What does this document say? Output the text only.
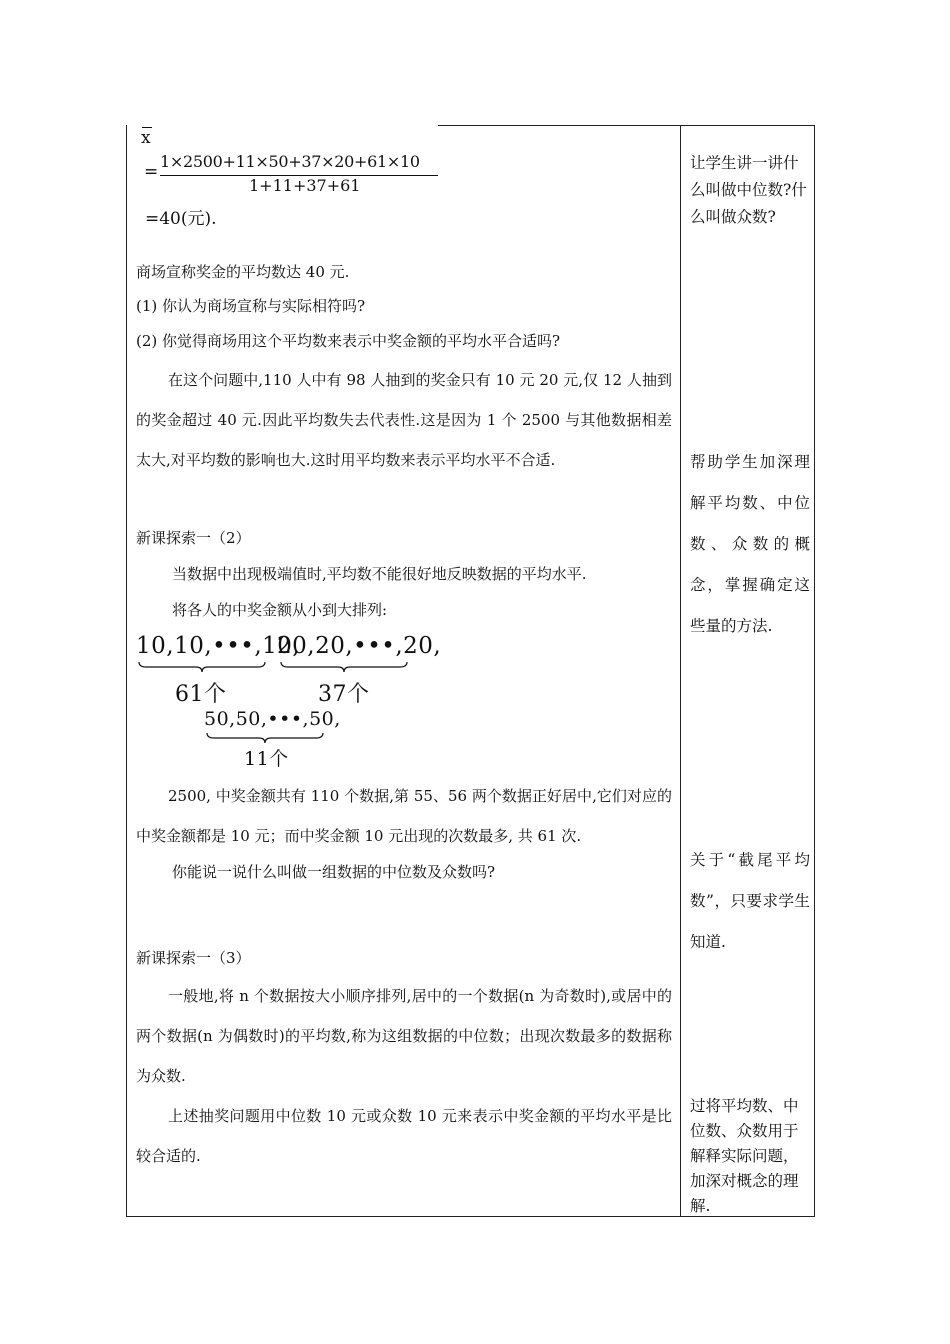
x
=
1×2500+11×50+37×20+61×10
1+11+37+61
=40(元).
商场宣称奖金的平均数达 40 元.
(1) 你认为商场宣称与实际相符吗?
(2) 你觉得商场用这个平均数来表示中奖金额的平均水平合适吗?
在这个问题中,110 人中有 98 人抽到的奖金只有 10 元 20 元,仅 12 人抽到的奖金超过 40 元.因此平均数失去代表性.这是因为 1 个 2500 与其他数据相差太大,对平均数的影响也大.这时用平均数来表示平均水平不合适.
新课探索一（2）
当数据中出现极端值时,平均数不能很好地反映数据的平均水平.
将各人的中奖金额从小到大排列:
10,10,•••,10,
20,20,•••,20,
61个	37个
50,50,•••,50,
11个
2500, 中奖金额共有 110 个数据,第 55、56 两个数据正好居中,它们对应的中奖金额都是 10 元；而中奖金额 10 元出现的次数最多, 共 61 次.
你能说一说什么叫做一组数据的中位数及众数吗?
新课探索一（3）
一般地,将 n 个数据按大小顺序排列,居中的一个数据(n 为奇数时),或居中的两个数据(n 为偶数时)的平均数,称为这组数据的中位数；出现次数最多的数据称为众数.
上述抽奖问题用中位数 10 元或众数 10 元来表示中奖金额的平均水平是比较合适的.
让学生讲一讲什么叫做中位数?什么叫做众数?
帮助学生加深理解平均数、中位数、众数的概念，掌握确定这些量的方法.
关于“截尾平均数”，只要求学生知道.
过将平均数、中位数、众数用于解释实际问题，加深对概念的理解.
